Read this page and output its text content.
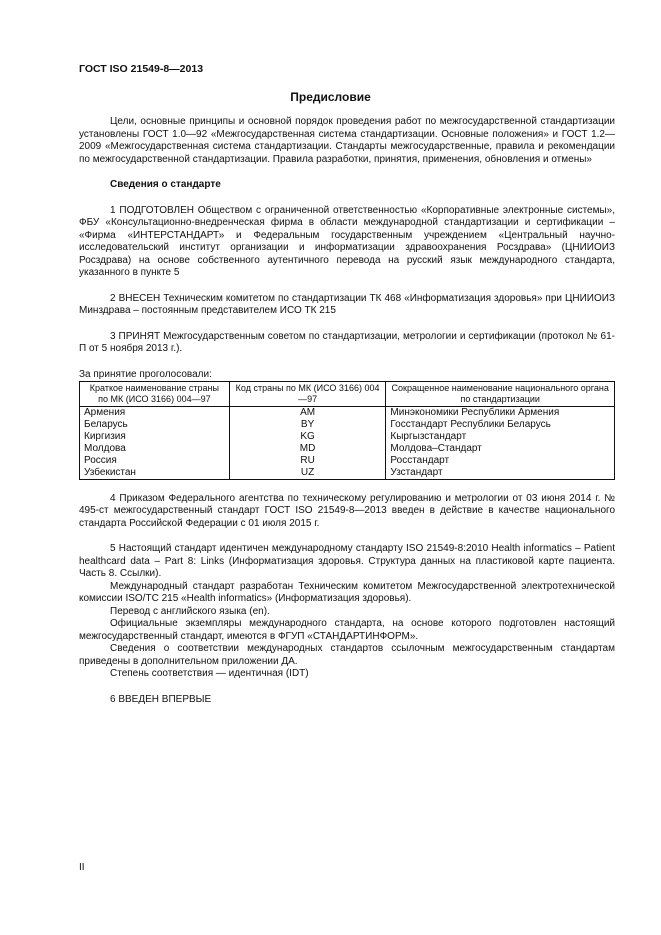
ГОСТ ISO 21549-8—2013
Предисловие

Цели, основные принципы и основной порядок проведения работ по межгосударственной стандартизации установлены ГОСТ 1.0—92 «Межгосударственная система стандартизации. Основные положения» и ГОСТ 1.2—2009 «Межгосударственная система стандартизации. Стандарты межгосударственные, правила и рекомендации по межгосударственной стандартизации. Правила разработки, принятия, применения, обновления и отмены»

Сведения о стандарте

1 ПОДГОТОВЛЕН Обществом с ограниченной ответственностью «Корпоративные электронные системы», ФБУ «Консультационно-внедренческая фирма в области международной стандартизации и сертификации – «Фирма «ИНТЕРСТАНДАРТ» и Федеральным государственным учреждением «Центральный научно-исследовательский институт организации и информатизации здравоохранения Росздрава» (ЦНИИОИЗ Росздрава) на основе собственного аутентичного перевода на русский язык международного стандарта, указанного в пункте 5

2 ВНЕСЕН Техническим комитетом по стандартизации ТК 468 «Информатизация здоровья» при ЦНИИОИЗ Минздрава – постоянным представителем ИСО ТК 215

3 ПРИНЯТ Межгосударственным советом по стандартизации, метрологии и сертификации (протокол № 61-П от 5 ноября 2013 г.).

За принятие проголосовали:
Краткое наименование страны по МК (ИСО 3166) 004—97	Код страны по МК (ИСО 3166) 004—97	Сокращенное наименование национального органа по стандартизации
Армения	AM	Минэкономики Республики Армения
Беларусь	BY	Госстандарт Республики Беларусь
Киргизия	KG	Кыргызстандарт
Молдова	MD	Молдова–Стандарт
Россия	RU	Росстандарт
Узбекистан	UZ	Узстандарт

4 Приказом Федерального агентства по техническому регулированию и метрологии от 03 июня 2014 г. № 495-ст межгосударственный стандарт ГОСТ ISO 21549-8—2013 введен в действие в качестве национального стандарта Российской Федерации с 01 июля 2015 г.

5 Настоящий стандарт идентичен международному стандарту ISO 21549-8:2010 Health informatics – Patient healthcard data – Part 8: Links (Информатизация здоровья. Структура данных на пластиковой карте пациента. Часть 8. Ссылки).

Международный стандарт разработан Техническим комитетом Межгосударственной электротехнической комиссии ISO/TC 215 «Health informatics» (Информатизация здоровья).

Перевод с английского языка (en).

Официальные экземпляры международного стандарта, на основе которого подготовлен настоящий межгосударственный стандарт, имеются в ФГУП «СТАНДАРТИНФОРМ».

Сведения о соответствии международных стандартов ссылочным межгосударственным стандартам приведены в дополнительном приложении ДА.

Степень соответствия — идентичная (IDT)

6 ВВЕДЕН ВПЕРВЫЕ

II
